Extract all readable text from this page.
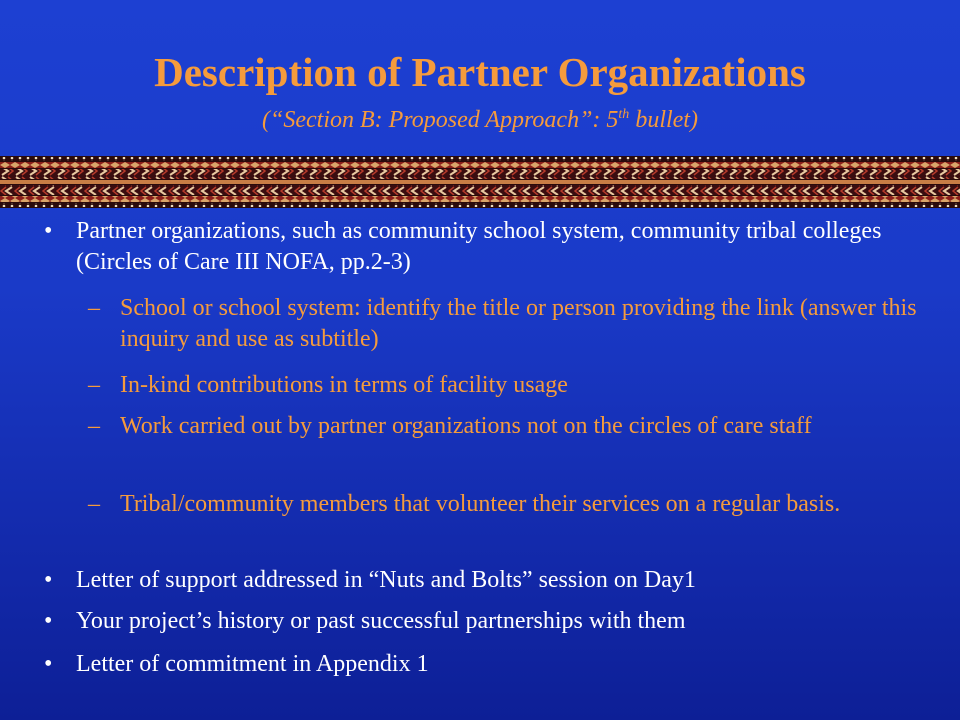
Description of Partner Organizations
(“Section B: Proposed Approach”: 5th bullet)
• Partner organizations, such as community school system, community tribal colleges (Circles of Care III NOFA, pp.2-3)
– School or school system: identify the title or person providing the link (answer this inquiry and use as subtitle)
– In-kind contributions in terms of facility usage
– Work carried out by partner organizations not on the circles of care staff
– Tribal/community members that volunteer their services on a regular basis.
• Letter of support addressed in “Nuts and Bolts” session on Day1
• Your project’s history or past successful partnerships with them
• Letter of commitment in Appendix 1
